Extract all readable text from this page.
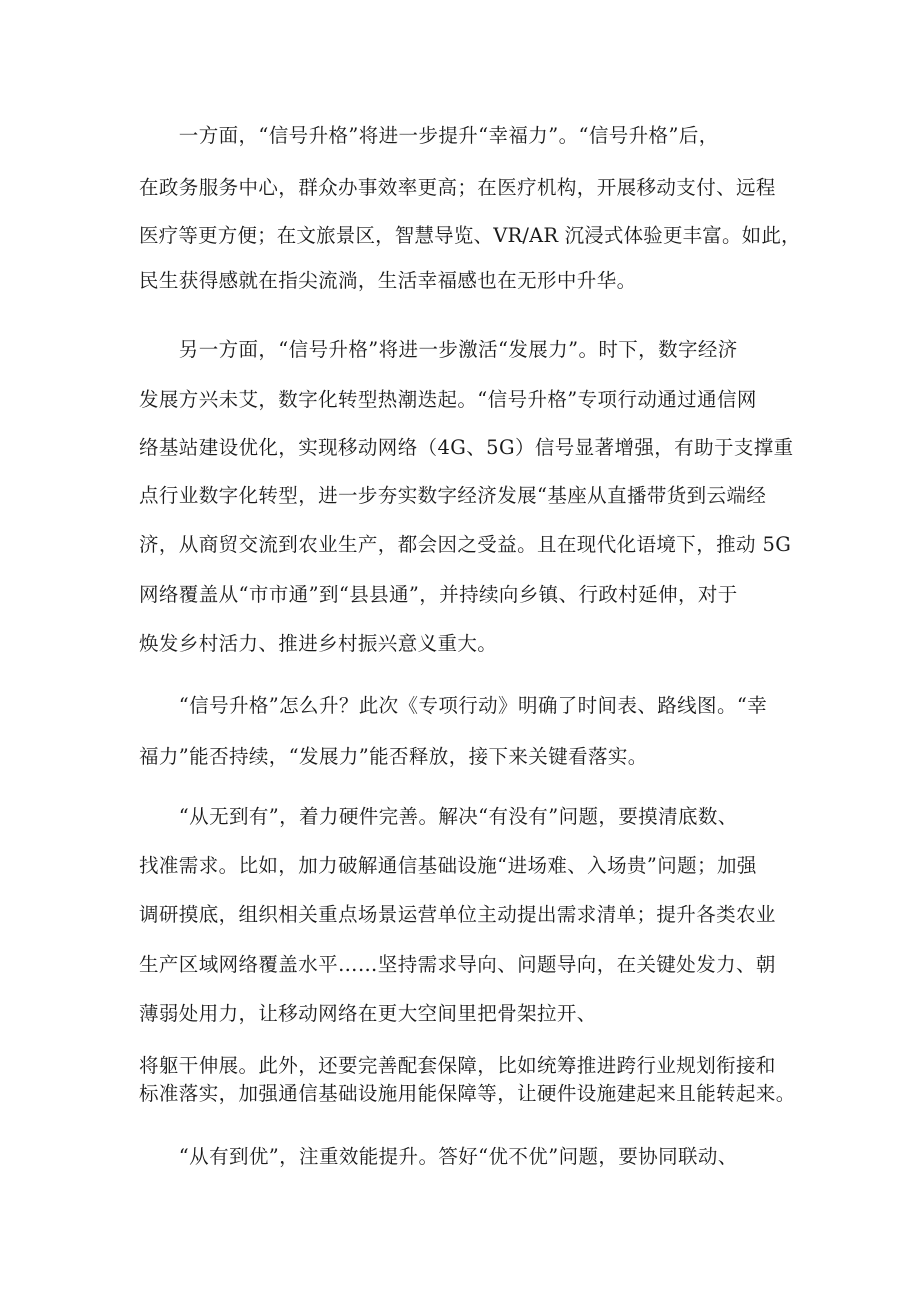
　　一方面，“信号升格”将进一步提升“幸福力”。“信号升格”后，
在政务服务中心，群众办事效率更高；在医疗机构，开展移动支付、远程
医疗等更方便；在文旅景区，智慧导览、VR/AR 沉浸式体验更丰富。如此，
民生获得感就在指尖流淌，生活幸福感也在无形中升华。
　　另一方面，“信号升格”将进一步激活“发展力”。时下，数字经济
发展方兴未艾，数字化转型热潮迭起。“信号升格”专项行动通过通信网
络基站建设优化，实现移动网络（4G、5G）信号显著增强，有助于支撑重
点行业数字化转型，进一步夯实数字经济发展“基座从直播带货到云端经
济，从商贸交流到农业生产，都会因之受益。且在现代化语境下，推动 5G
网络覆盖从“市市通”到“县县通”，并持续向乡镇、行政村延伸，对于
焕发乡村活力、推进乡村振兴意义重大。
　　“信号升格”怎么升？此次《专项行动》明确了时间表、路线图。“幸
福力”能否持续，“发展力”能否释放，接下来关键看落实。
　　“从无到有”，着力硬件完善。解决“有没有”问题，要摸清底数、
找准需求。比如，加力破解通信基础设施“进场难、入场贵”问题；加强
调研摸底，组织相关重点场景运营单位主动提出需求清单；提升各类农业
生产区域网络覆盖水平……坚持需求导向、问题导向，在关键处发力、朝
薄弱处用力，让移动网络在更大空间里把骨架拉开、
将躯干伸展。此外，还要完善配套保障，比如统筹推进跨行业规划衔接和
标准落实，加强通信基础设施用能保障等，让硬件设施建起来且能转起来。
　　“从有到优”，注重效能提升。答好“优不优”问题，要协同联动、
